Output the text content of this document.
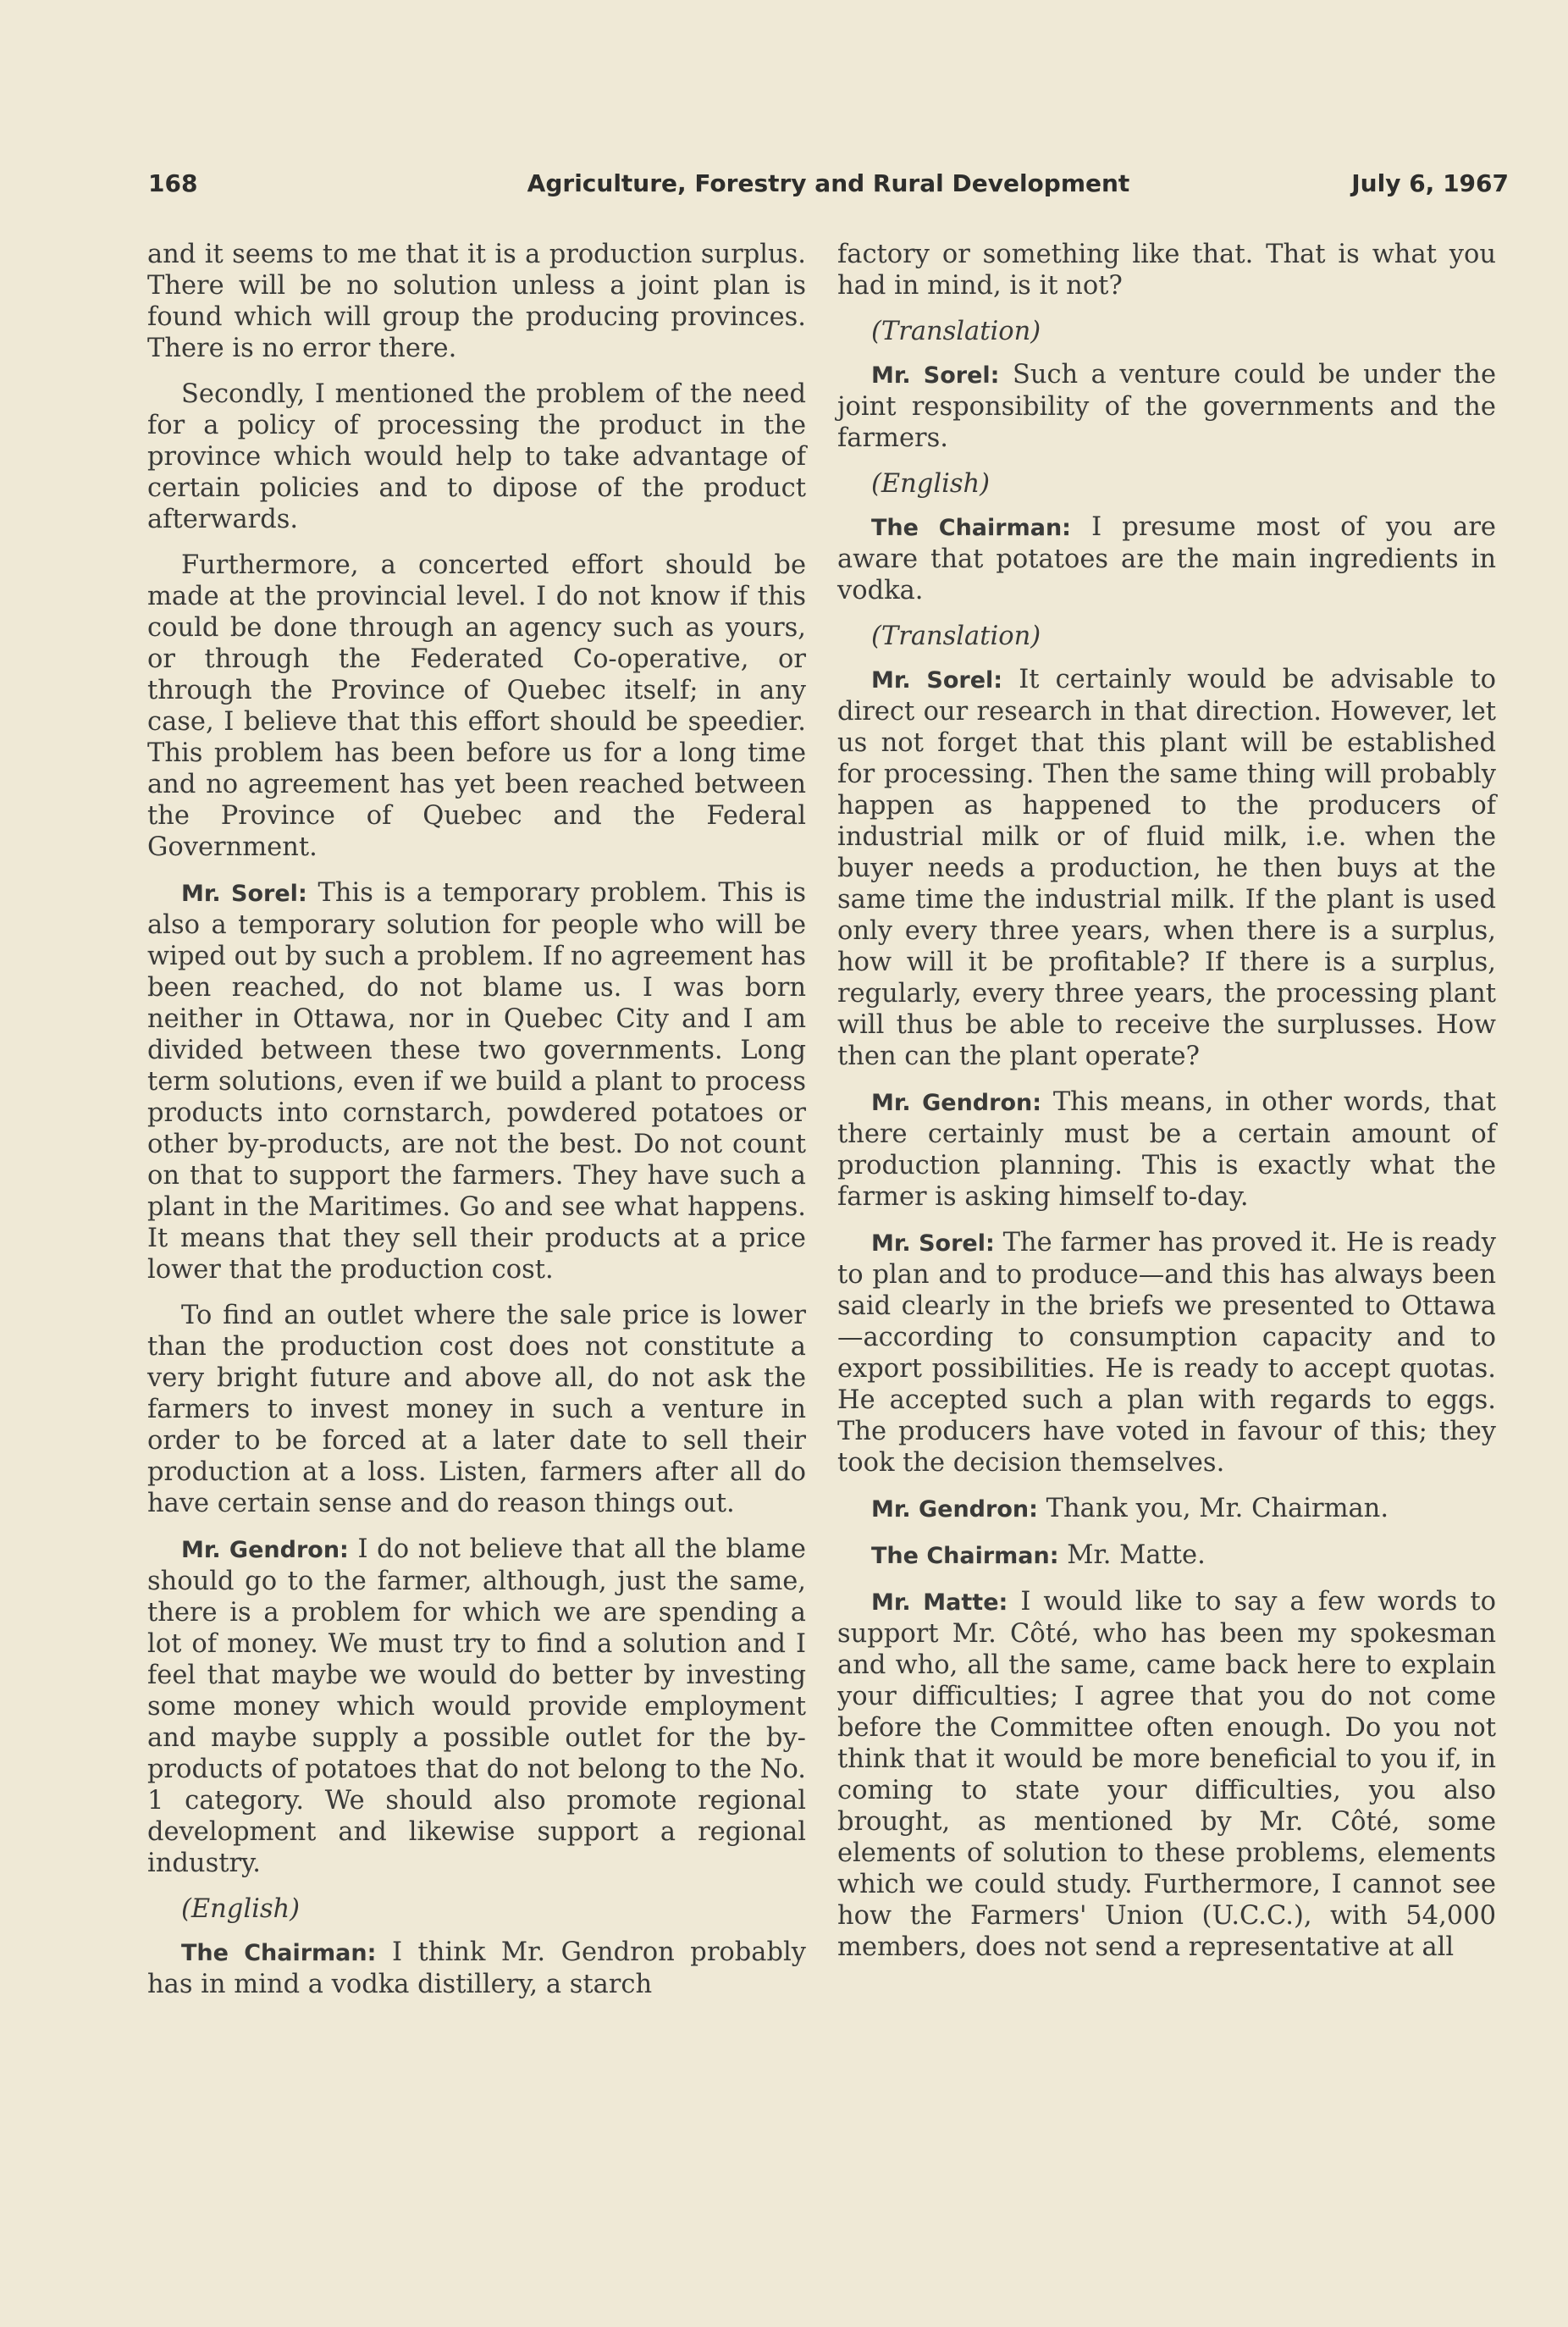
168	Agriculture, Forestry and Rural Development	July 6, 1967

and it seems to me that it is a production surplus. There will be no solution unless a joint plan is found which will group the producing provinces. There is no error there.

Secondly, I mentioned the problem of the need for a policy of processing the product in the province which would help to take advantage of certain policies and to dipose of the product afterwards.

Furthermore, a concerted effort should be made at the provincial level. I do not know if this could be done through an agency such as yours, or through the Federated Co-operative, or through the Province of Quebec itself; in any case, I believe that this effort should be speedier. This problem has been before us for a long time and no agreement has yet been reached between the Province of Quebec and the Federal Government.

Mr. Sorel: This is a temporary problem. This is also a temporary solution for people who will be wiped out by such a problem. If no agreement has been reached, do not blame us. I was born neither in Ottawa, nor in Quebec City and I am divided between these two governments. Long term solutions, even if we build a plant to process products into cornstarch, powdered potatoes or other by-products, are not the best. Do not count on that to support the farmers. They have such a plant in the Maritimes. Go and see what happens. It means that they sell their products at a price lower that the production cost.

To find an outlet where the sale price is lower than the production cost does not constitute a very bright future and above all, do not ask the farmers to invest money in such a venture in order to be forced at a later date to sell their production at a loss. Listen, farmers after all do have certain sense and do reason things out.

Mr. Gendron: I do not believe that all the blame should go to the farmer, although, just the same, there is a problem for which we are spending a lot of money. We must try to find a solution and I feel that maybe we would do better by investing some money which would provide employment and maybe supply a possible outlet for the by-products of potatoes that do not belong to the No. 1 category. We should also promote regional development and likewise support a regional industry.

(English)

The Chairman: I think Mr. Gendron probably has in mind a vodka distillery, a starch

factory or something like that. That is what you had in mind, is it not?

(Translation)

Mr. Sorel: Such a venture could be under the joint responsibility of the governments and the farmers.

(English)

The Chairman: I presume most of you are aware that potatoes are the main ingredients in vodka.

(Translation)

Mr. Sorel: It certainly would be advisable to direct our research in that direction. However, let us not forget that this plant will be established for processing. Then the same thing will probably happen as happened to the producers of industrial milk or of fluid milk, i.e. when the buyer needs a production, he then buys at the same time the industrial milk. If the plant is used only every three years, when there is a surplus, how will it be profitable? If there is a surplus, regularly, every three years, the processing plant will thus be able to receive the surplusses. How then can the plant operate?

Mr. Gendron: This means, in other words, that there certainly must be a certain amount of production planning. This is exactly what the farmer is asking himself to-day.

Mr. Sorel: The farmer has proved it. He is ready to plan and to produce—and this has always been said clearly in the briefs we presented to Ottawa—according to consumption capacity and to export possibilities. He is ready to accept quotas. He accepted such a plan with regards to eggs. The producers have voted in favour of this; they took the decision themselves.

Mr. Gendron: Thank you, Mr. Chairman.

The Chairman: Mr. Matte.

Mr. Matte: I would like to say a few words to support Mr. Côté, who has been my spokesman and who, all the same, came back here to explain your difficulties; I agree that you do not come before the Committee often enough. Do you not think that it would be more beneficial to you if, in coming to state your difficulties, you also brought, as mentioned by Mr. Côté, some elements of solution to these problems, elements which we could study. Furthermore, I cannot see how the Farmers' Union (U.C.C.), with 54,000 members, does not send a representative at all
